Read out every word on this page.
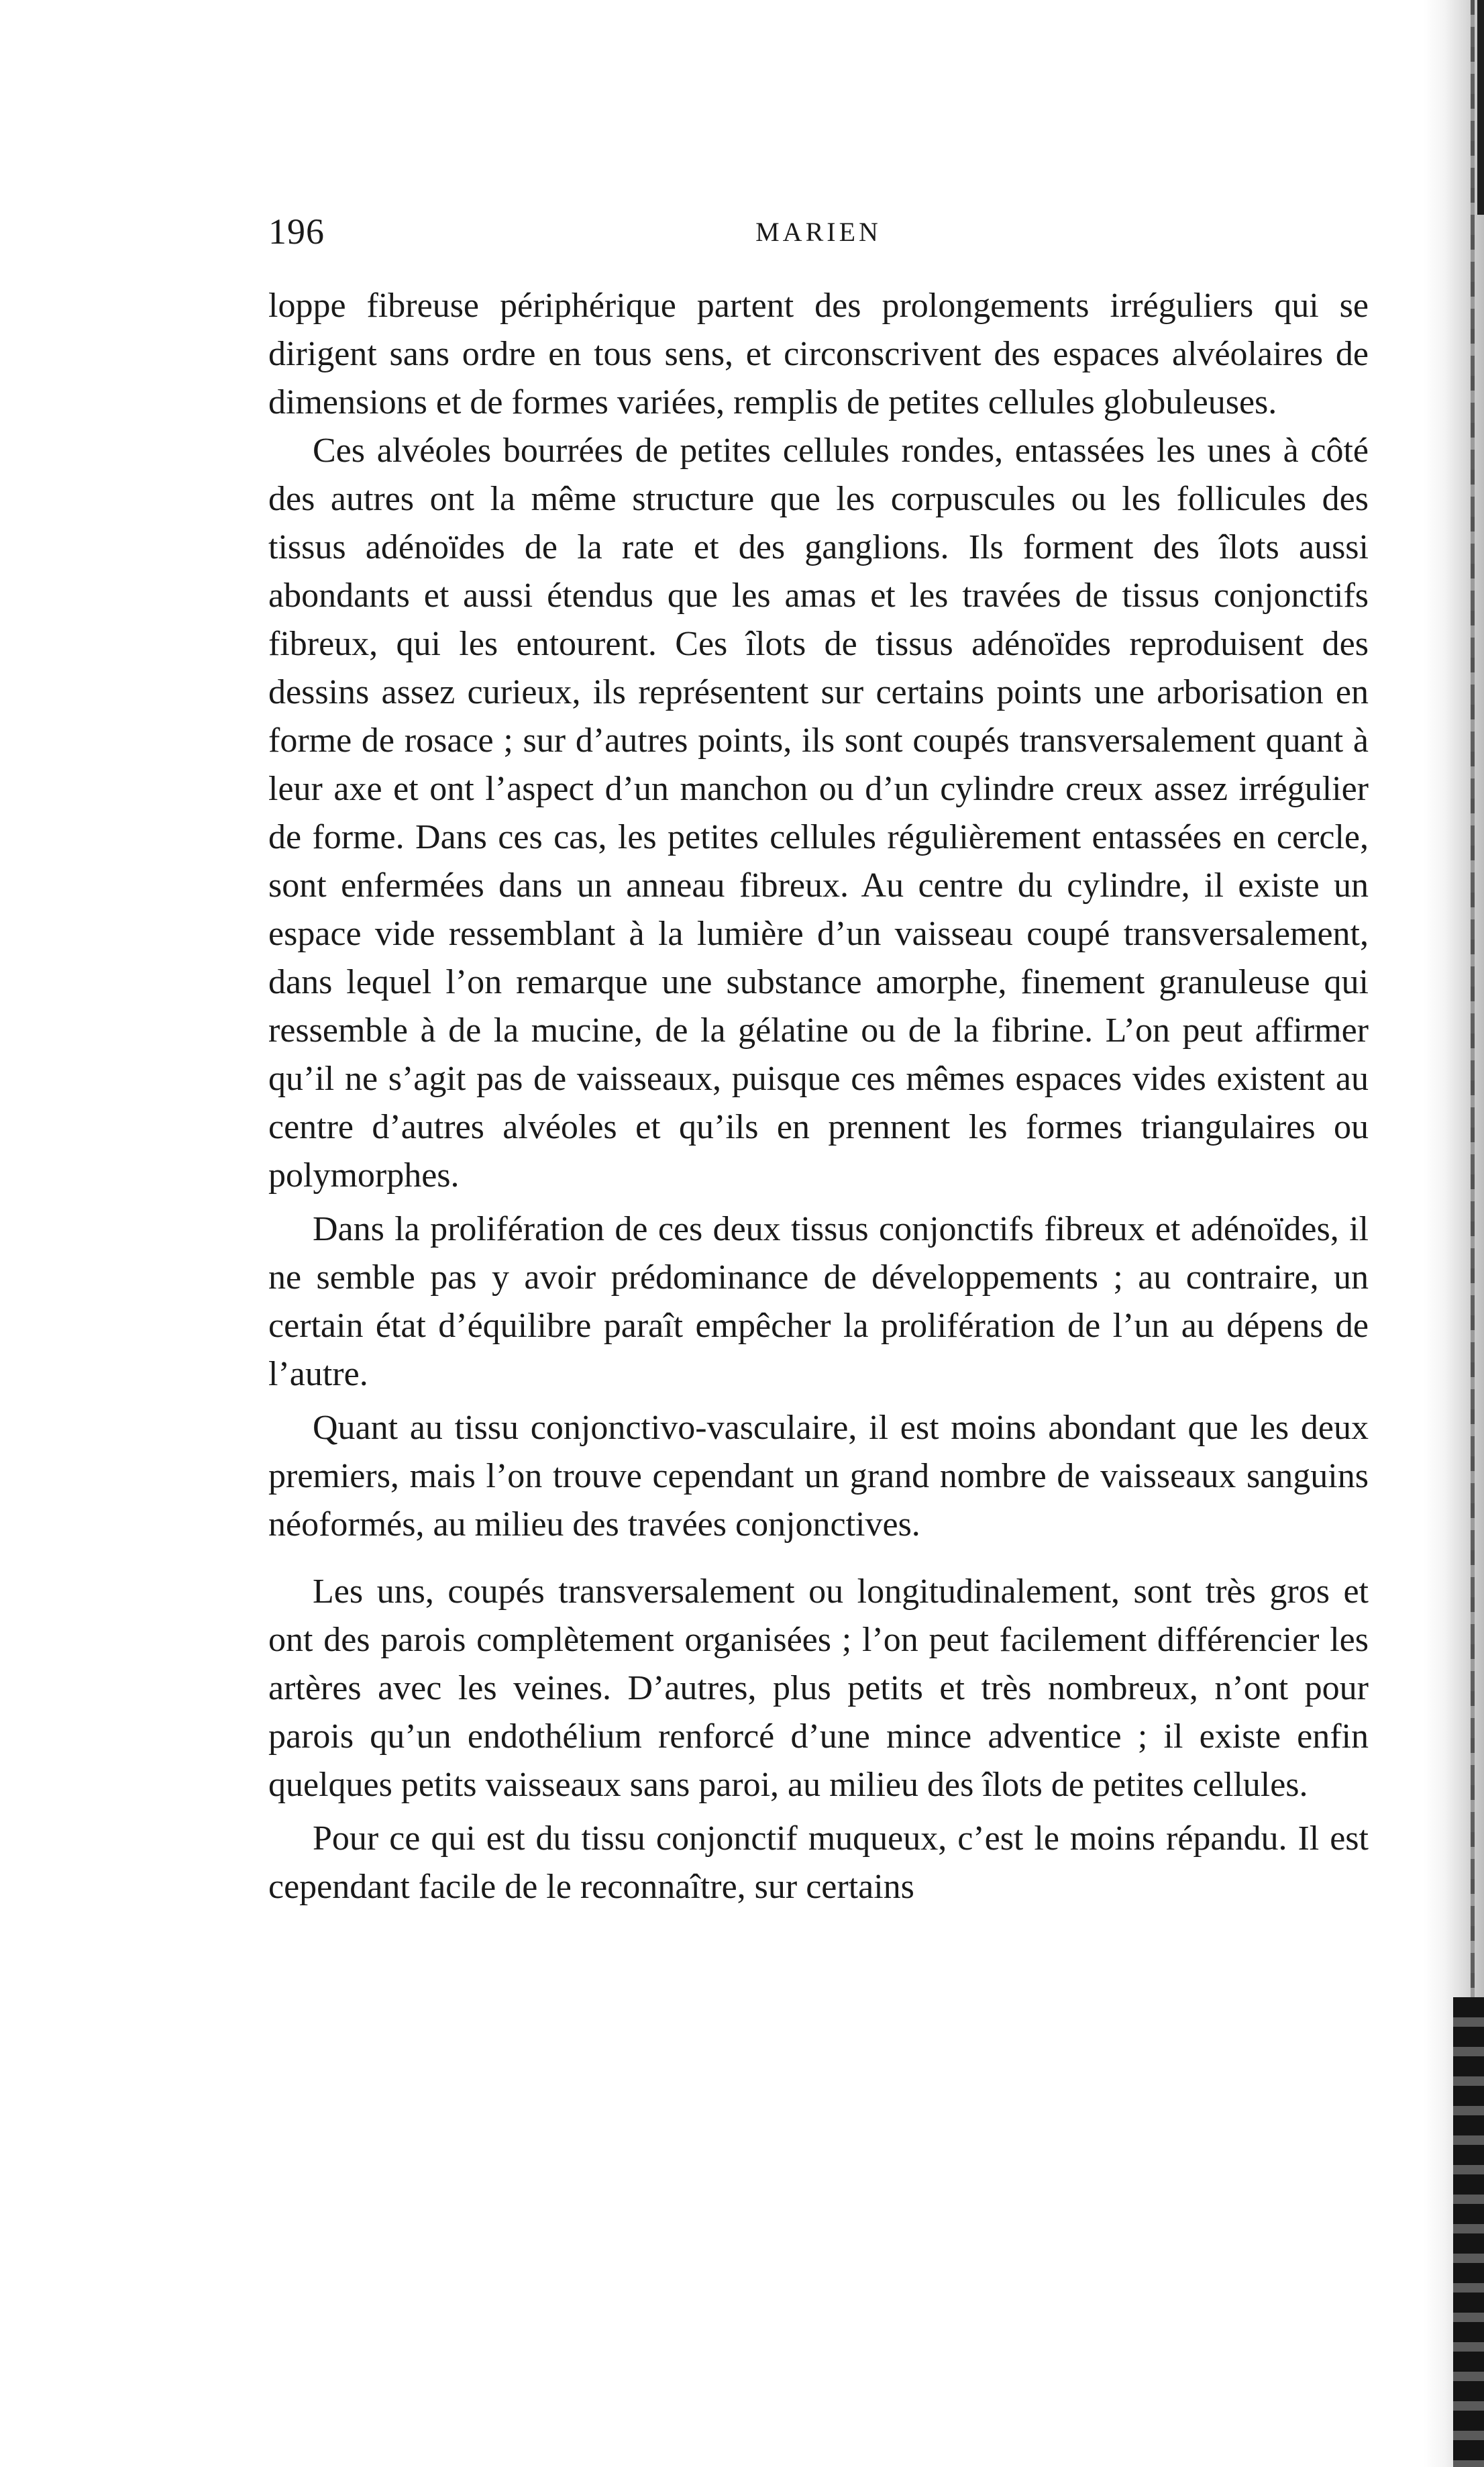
196	MARIEN

loppe fibreuse périphérique partent des prolongements irréguliers qui se dirigent sans ordre en tous sens, et circonscrivent des espaces alvéolaires de dimensions et de formes variées, remplis de petites cellules globuleuses.

Ces alvéoles bourrées de petites cellules rondes, entassées les unes à côté des autres ont la même structure que les corpuscules ou les follicules des tissus adénoïdes de la rate et des ganglions. Ils forment des îlots aussi abondants et aussi étendus que les amas et les travées de tissus conjonctifs fibreux, qui les entourent. Ces îlots de tissus adénoïdes reproduisent des dessins assez curieux, ils représentent sur certains points une arborisation en forme de rosace ; sur d’autres points, ils sont coupés transversalement quant à leur axe et ont l’aspect d’un manchon ou d’un cylindre creux assez irrégulier de forme. Dans ces cas, les petites cellules régulièrement entassées en cercle, sont enfermées dans un anneau fibreux. Au centre du cylindre, il existe un espace vide ressemblant à la lumière d’un vaisseau coupé transversalement, dans lequel l’on remarque une substance amorphe, finement granuleuse qui ressemble à de la mucine, de la gélatine ou de la fibrine. L’on peut affirmer qu’il ne s’agit pas de vaisseaux, puisque ces mêmes espaces vides existent au centre d’autres alvéoles et qu’ils en prennent les formes triangulaires ou polymorphes.

Dans la prolifération de ces deux tissus conjonctifs fibreux et adénoïdes, il ne semble pas y avoir prédominance de développements ; au contraire, un certain état d’équilibre paraît empêcher la prolifération de l’un au dépens de l’autre.

Quant au tissu conjonctivo-vasculaire, il est moins abondant que les deux premiers, mais l’on trouve cependant un grand nombre de vaisseaux sanguins néoformés, au milieu des travées conjonctives.

Les uns, coupés transversalement ou longitudinalement, sont très gros et ont des parois complètement organisées ; l’on peut facilement différencier les artères avec les veines. D’autres, plus petits et très nombreux, n’ont pour parois qu’un endothélium renforcé d’une mince adventice ; il existe enfin quelques petits vaisseaux sans paroi, au milieu des îlots de petites cellules.

Pour ce qui est du tissu conjonctif muqueux, c’est le moins répandu. Il est cependant facile de le reconnaître, sur certains
